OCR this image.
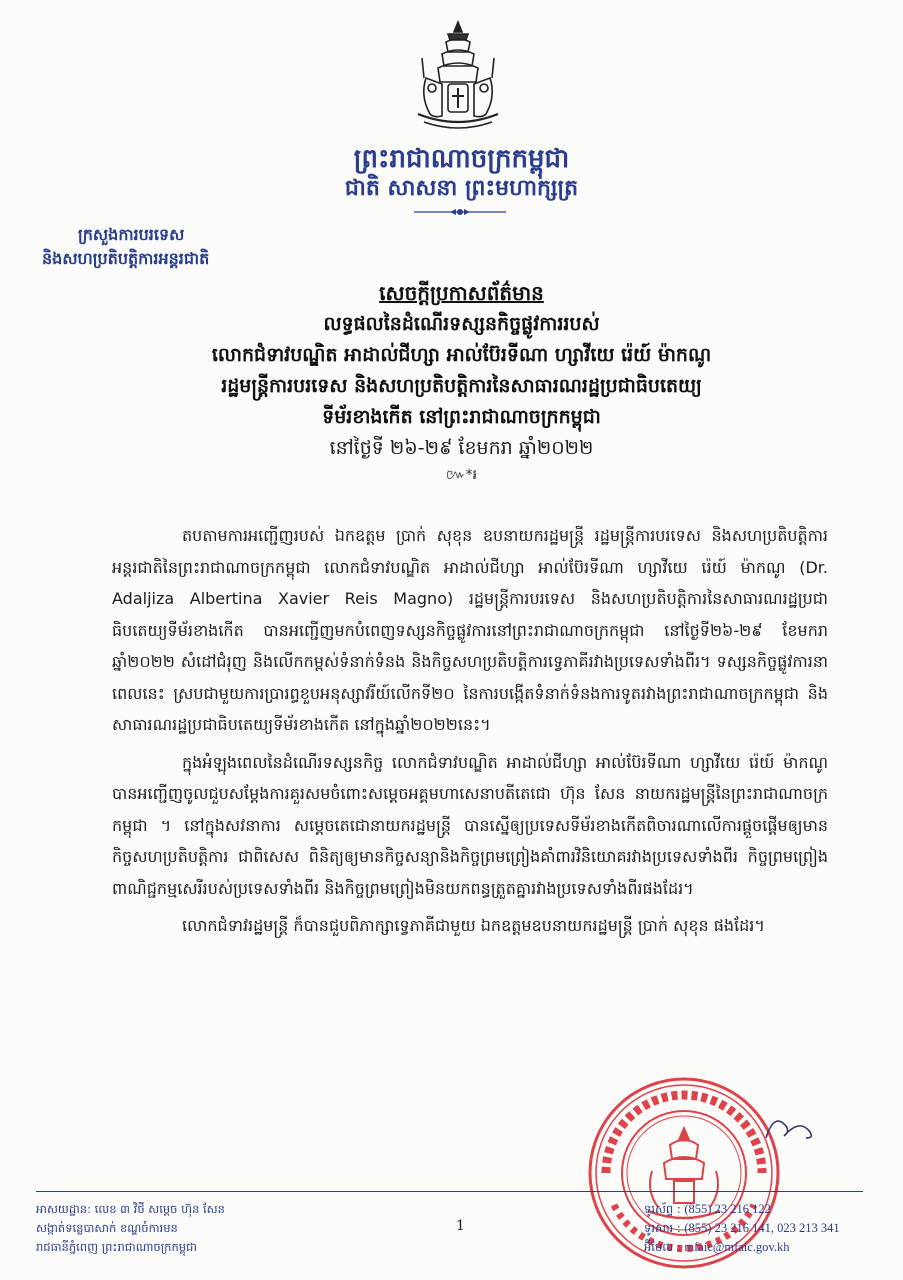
ព្រះរាជាណាចក្រកម្ពុជា
ជាតិ សាសនា ព្រះមហាក្សត្រ
ក្រសួងការបរទេស
និងសហប្រតិបត្តិការអន្តរជាតិ
សេចក្តីប្រកាសព័ត៌មាន
លទ្ធផលនៃដំណើរទស្សនកិច្ចផ្លូវការរបស់
លោកជំទាវបណ្ឌិត អាដាល់ជីហ្សា អាល់ប៊ែរទីណា ហ្សាវីយេ រ៉េយ៍ ម៉ាកណូ
រដ្ឋមន្ត្រីការបរទេស និងសហប្រតិបត្តិការនៃសាធារណរដ្ឋប្រជាធិបតេយ្យ
ទីម័រខាងកើត នៅព្រះរាជាណាចក្រកម្ពុជា
នៅថ្ងៃទី ២៦-២៩ ខែមករា ឆ្នាំ២០២២
៚*៛

តបតាមការអញ្ជើញរបស់ ឯកឧត្តម ប្រាក់ សុខុន ឧបនាយករដ្ឋមន្ត្រី រដ្ឋមន្ត្រីការបរទេស និងសហប្រតិបត្តិការអន្តរជាតិនៃព្រះរាជាណាចក្រកម្ពុជា លោកជំទាវបណ្ឌិត អាដាល់ជីហ្សា អាល់ប៊ែរទីណា ហ្សាវីយេ រ៉េយ៍ ម៉ាកណូ (Dr. Adaljiza Albertina Xavier Reis Magno) រដ្ឋមន្ត្រីការបរទេស និងសហប្រតិបត្តិការនៃសាធារណរដ្ឋប្រជាធិបតេយ្យទីម័រខាងកើត បានអញ្ជើញមកបំពេញទស្សនកិច្ចផ្លូវការនៅព្រះរាជាណាចក្រកម្ពុជា នៅថ្ងៃទី២៦-២៩ ខែមករា ឆ្នាំ២០២២ សំដៅជំរុញ និងលើកកម្ពស់ទំនាក់ទំនង និងកិច្ចសហប្រតិបត្តិការទ្វេភាគីរវាងប្រទេសទាំងពីរ។ ទស្សនកិច្ចផ្លូវការនាពេលនេះ ស្របជាមួយការប្រារព្ធខួបអនុស្សាវរីយ៍លើកទី២០ នៃការបង្កើតទំនាក់ទំនងការទូតរវាងព្រះរាជាណាចក្រកម្ពុជា និងសាធារណរដ្ឋប្រជាធិបតេយ្យទីម័រខាងកើត នៅក្នុងឆ្នាំ២០២២នេះ។

ក្នុងអំឡុងពេលនៃដំណើរទស្សនកិច្ច លោកជំទាវបណ្ឌិត អាដាល់ជីហ្សា អាល់ប៊ែរទីណា ហ្សាវីយេ រ៉េយ៍ ម៉ាកណូ បានអញ្ជើញចូលជួបសម្តែងការគួរសមចំពោះសម្តេចអគ្គមហាសេនាបតីតេជោ ហ៊ុន សែន នាយករដ្ឋមន្ត្រីនៃព្រះរាជាណាចក្រកម្ពុជា ។ នៅក្នុងសវនាការ សម្តេចតេជោនាយករដ្ឋមន្ត្រី បានស្នើឲ្យប្រទេសទីម័រខាងកើតពិចារណាលើការផ្តួចផ្តើមឲ្យមានកិច្ចសហប្រតិបត្តិការ ជាពិសេស ពិនិត្យឲ្យមានកិច្ចសន្យានិងកិច្ចព្រមព្រៀងគាំពារវិនិយោគរវាងប្រទេសទាំងពីរ កិច្ចព្រមព្រៀងពាណិជ្ជកម្មសេរីរបស់ប្រទេសទាំងពីរ និងកិច្ចព្រមព្រៀងមិនយកពន្ធត្រួតគ្នារវាងប្រទេសទាំងពីរផងដែរ។

លោកជំទាវរដ្ឋមន្ត្រី ក៏បានជួបពិភាក្សាទ្វេភាគីជាមួយ ឯកឧត្តមឧបនាយករដ្ឋមន្ត្រី ប្រាក់ សុខុន ផងដែរ។

អាសយដ្ឋាន: លេខ ៣ វិថី សម្តេច ហ៊ុន សែន
សង្កាត់ទន្លេបាសាក់ ខណ្ឌចំការមន
រាជធានីភ្នំពេញ ព្រះរាជាណាចក្រកម្ពុជា
1
ទូរស័ព្ទ : (855) 23 216 122
ទូរសារ : (855) 23 216 141, 023 213 341
អ៊ីមែល : mfaic@mfaic.gov.kh
